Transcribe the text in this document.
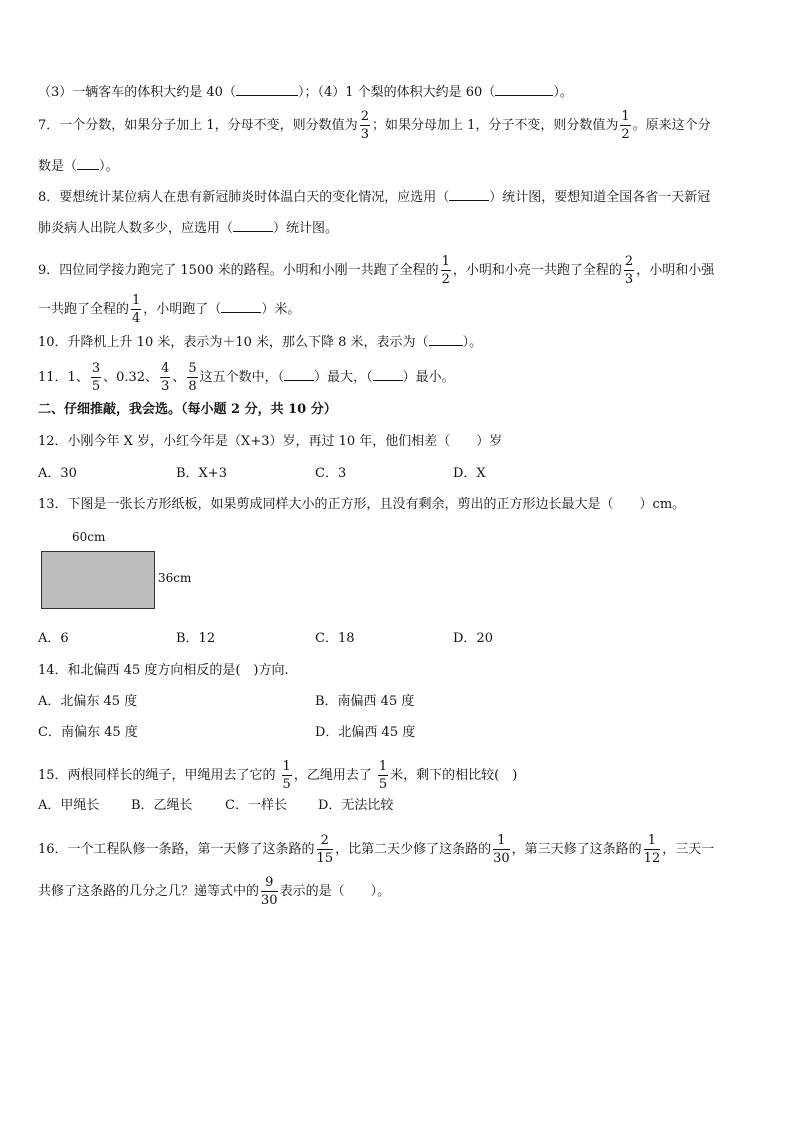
（3）一辆客车的体积大约是 40（	）；（4）1 个梨的体积大约是 60（	）。
7．一个分数，如果分子加上 1，分母不变，则分数值为 $\frac{2}{3}$ ；如果分母加上 1，分子不变，则分数值为 $\frac{1}{2}$ 。原来这个分
数是（ ）。
8．要想统计某位病人在患有新冠肺炎时体温白天的变化情况，应选用（	）统计图，要想知道全国各省一天新冠
肺炎病人出院人数多少，应选用（	）统计图。
9．四位同学接力跑完了 1500 米的路程。小明和小刚一共跑了全程的 $\frac{1}{2}$ ，小明和小亮一共跑了全程的 $\frac{2}{3}$ ，小明和小强
一共跑了全程的 $\frac{1}{4}$ ，小明跑了（	）米。
10．升降机上升 10 米，表示为＋10 米，那么下降 8 米，表示为（	）。
11．1、 $\frac{3}{5}$ 、0.32、 $\frac{4}{3}$ 、 $\frac{5}{8}$ 这五个数中，（ ）最大，（ ）最小。
二、仔细推敲，我会选。（每小题 2 分，共 10 分）
12．小刚今年 X 岁，小红今年是（X+3）岁，再过 10 年，他们相差（　　）岁
A．30	B．X+3	C．3	D．X
13．下图是一张长方形纸板，如果剪成同样大小的正方形，且没有剩余，剪出的正方形边长最大是（　　）cm。
60cm
36cm
A．6	B．12	C．18	D．20
14．和北偏西 45 度方向相反的是(　)方向.
A．北偏东 45 度	B．南偏西 45 度
C．南偏东 45 度	D．北偏西 45 度
15．两根同样长的绳子，甲绳用去了它的 $\frac{1}{5}$ ，乙绳用去了 $\frac{1}{5}$ 米，剩下的相比较(　)
A．甲绳长 B．乙绳长 C．一样长 D．无法比较
16．一个工程队修一条路，第一天修了这条路的 $\frac{2}{15}$ ，比第二天少修了这条路的 $\frac{1}{30}$ ，第三天修了这条路的 $\frac{1}{12}$ ，三天一
共修了这条路的几分之几？递等式中的 $\frac{9}{30}$ 表示的是（　　）。
